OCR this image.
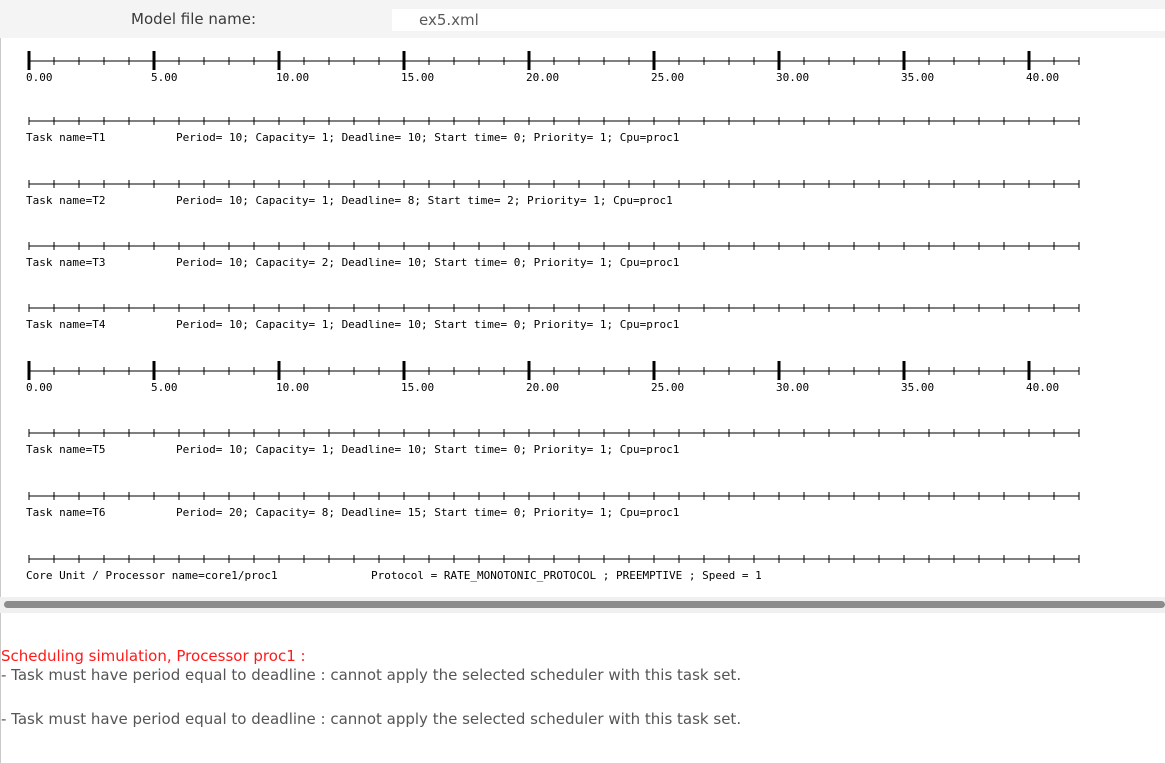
Model file name:	ex5.xml
0.00	5.00	10.00	15.00	20.00	25.00	30.00	35.00	40.00
Task name=T1	Period= 10; Capacity= 1; Deadline= 10; Start time= 0; Priority= 1; Cpu=proc1
Task name=T2	Period= 10; Capacity= 1; Deadline= 8; Start time= 2; Priority= 1; Cpu=proc1
Task name=T3	Period= 10; Capacity= 2; Deadline= 10; Start time= 0; Priority= 1; Cpu=proc1
Task name=T4	Period= 10; Capacity= 1; Deadline= 10; Start time= 0; Priority= 1; Cpu=proc1
0.00	5.00	10.00	15.00	20.00	25.00	30.00	35.00	40.00
Task name=T5	Period= 10; Capacity= 1; Deadline= 10; Start time= 0; Priority= 1; Cpu=proc1
Task name=T6	Period= 20; Capacity= 8; Deadline= 15; Start time= 0; Priority= 1; Cpu=proc1
Core Unit / Processor name=core1/proc1	Protocol = RATE_MONOTONIC_PROTOCOL ; PREEMPTIVE ; Speed = 1
Scheduling simulation, Processor proc1 :
- Task must have period equal to deadline : cannot apply the selected scheduler with this task set.
- Task must have period equal to deadline : cannot apply the selected scheduler with this task set.
